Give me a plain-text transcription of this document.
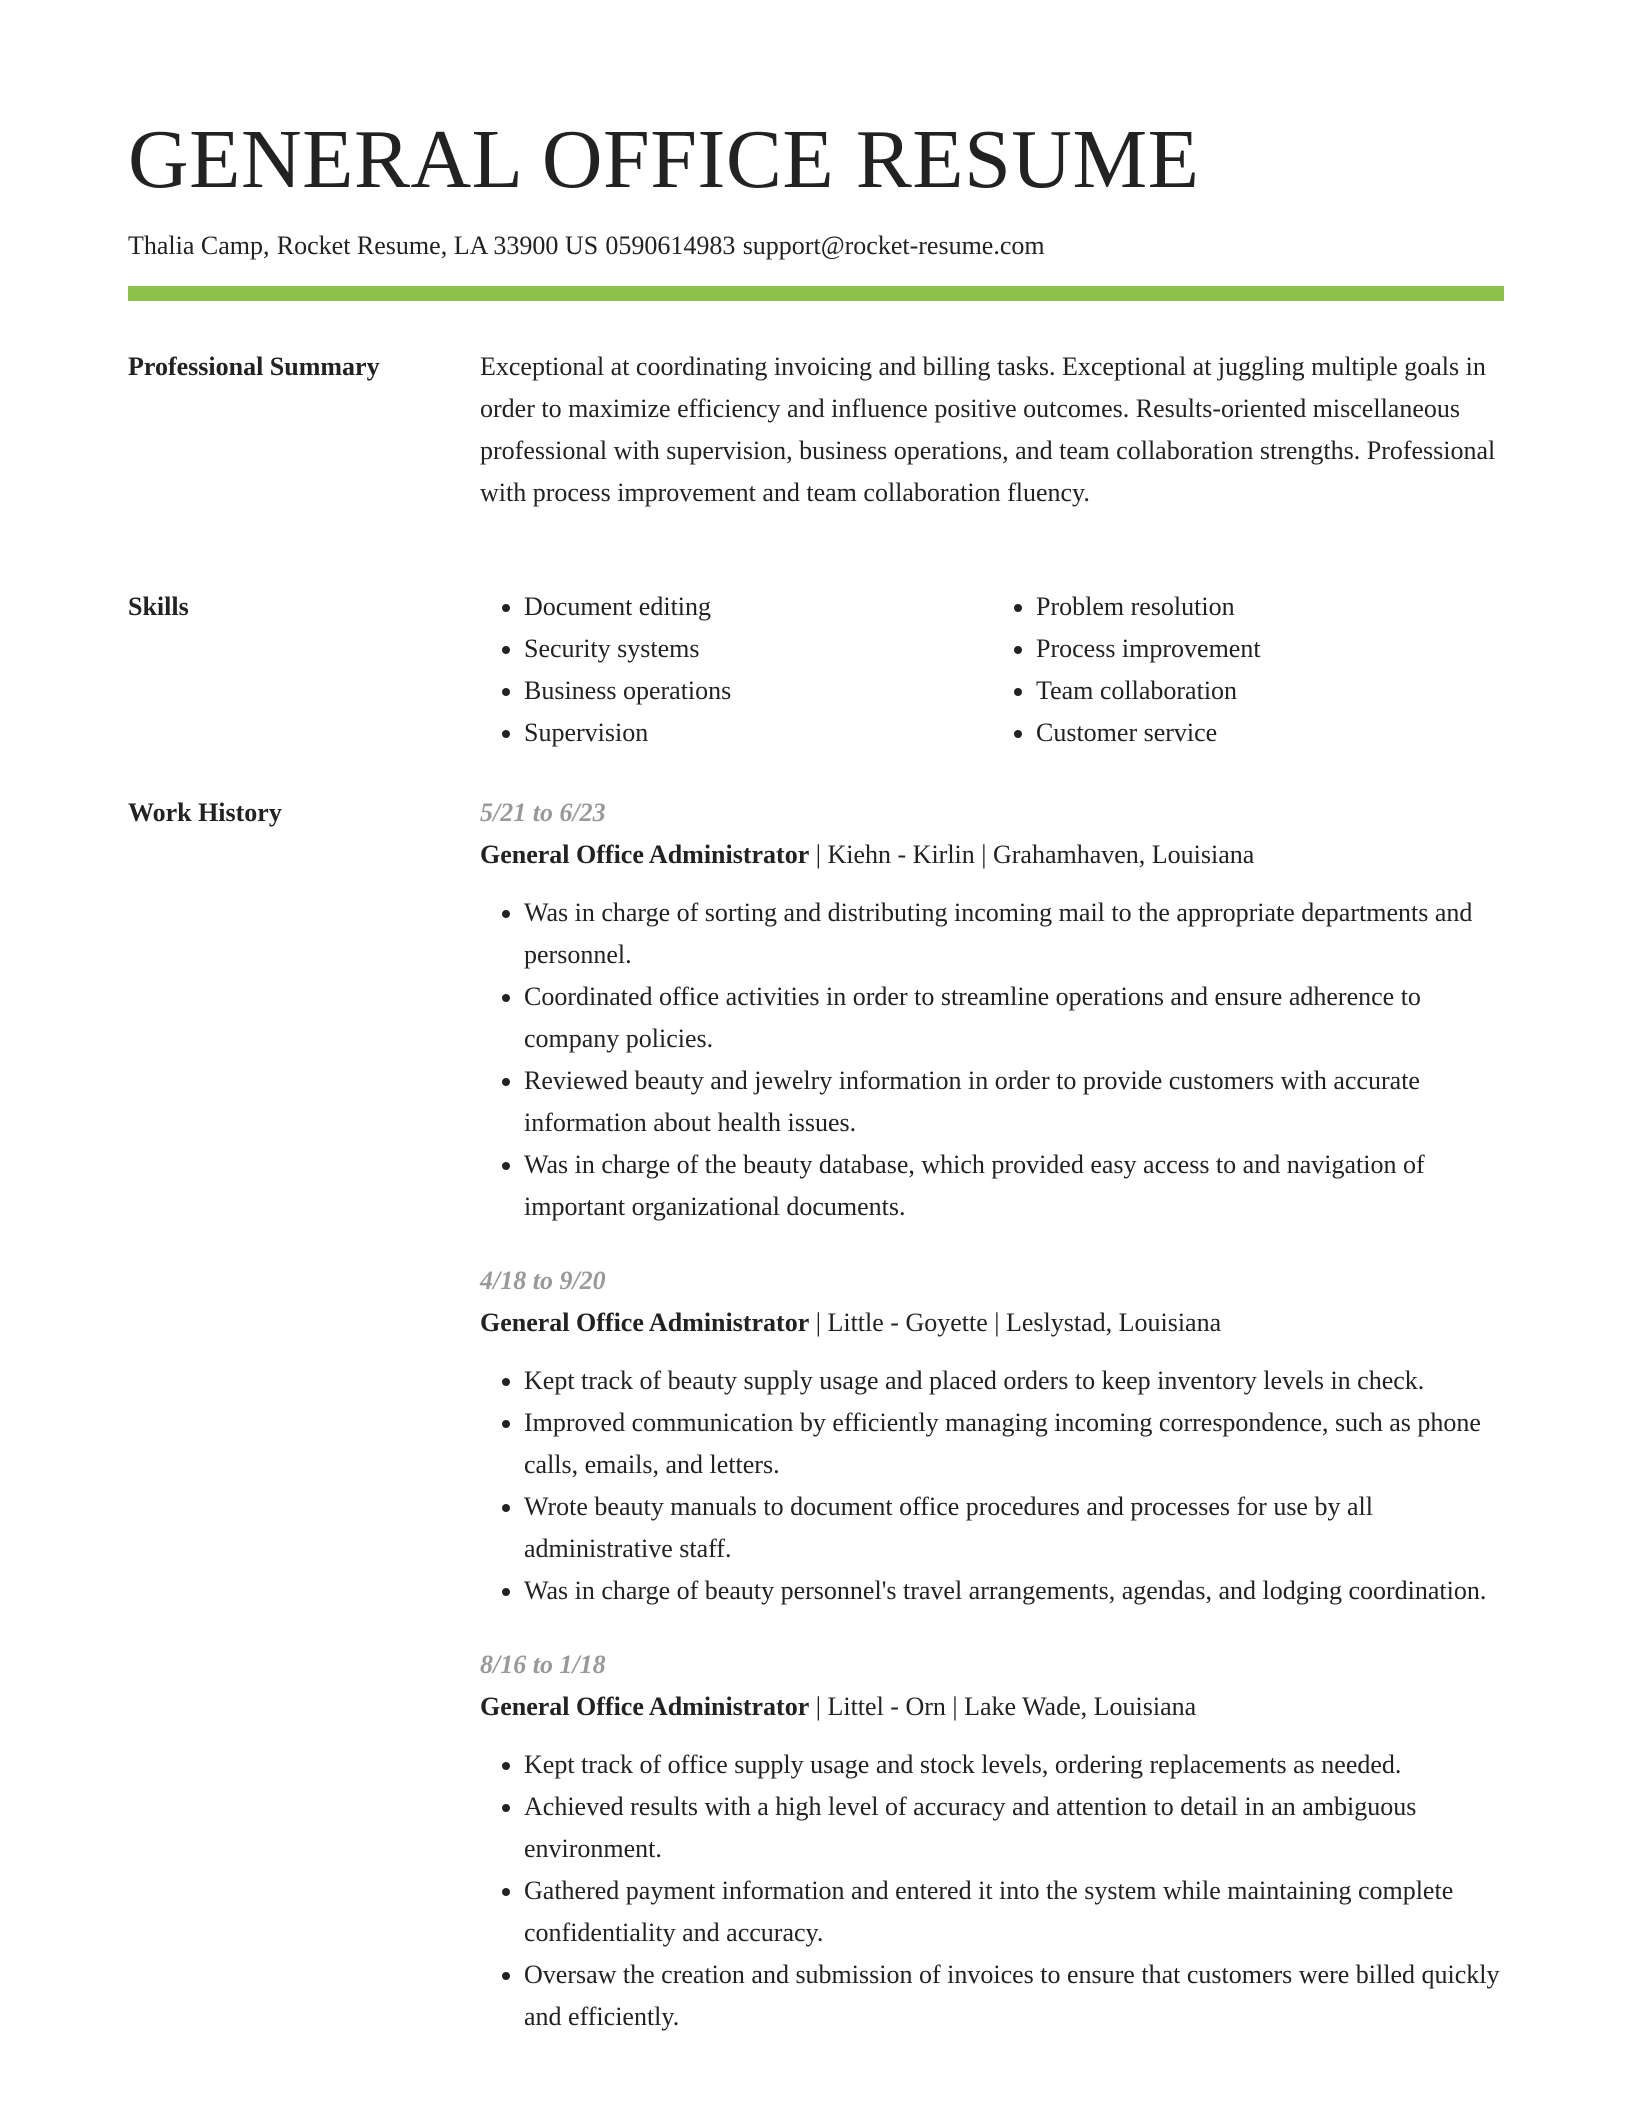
GENERAL OFFICE RESUME
Thalia Camp, Rocket Resume, LA 33900 US 0590614983 support@rocket-resume.com
Professional Summary	Exceptional at coordinating invoicing and billing tasks. Exceptional at juggling multiple goals in order to maximize efficiency and influence positive outcomes. Results-oriented miscellaneous professional with supervision, business operations, and team collaboration strengths. Professional with process improvement and team collaboration fluency.

Skills
•	Document editing
• Security systems
• Business operations
• Supervision
• Problem resolution
• Process improvement
• Team collaboration
• Customer service
Work History	5/21 to 6/23
General Office Administrator | Kiehn - Kirlin | Grahamhaven, Louisiana
• Was in charge of sorting and distributing incoming mail to the appropriate departments and personnel.
• Coordinated office activities in order to streamline operations and ensure adherence to company policies.
• Reviewed beauty and jewelry information in order to provide customers with accurate information about health issues.
• Was in charge of the beauty database, which provided easy access to and navigation of important organizational documents.
4/18 to 9/20
General Office Administrator | Little - Goyette | Leslystad, Louisiana
• Kept track of beauty supply usage and placed orders to keep inventory levels in check.
• Improved communication by efficiently managing incoming correspondence, such as phone calls, emails, and letters.
• Wrote beauty manuals to document office procedures and processes for use by all administrative staff.
• Was in charge of beauty personnel's travel arrangements, agendas, and lodging coordination.
8/16 to 1/18
General Office Administrator | Littel - Orn | Lake Wade, Louisiana
• Kept track of office supply usage and stock levels, ordering replacements as needed.
• Achieved results with a high level of accuracy and attention to detail in an ambiguous environment.
• Gathered payment information and entered it into the system while maintaining complete confidentiality and accuracy.
• Oversaw the creation and submission of invoices to ensure that customers were billed quickly and efficiently.
